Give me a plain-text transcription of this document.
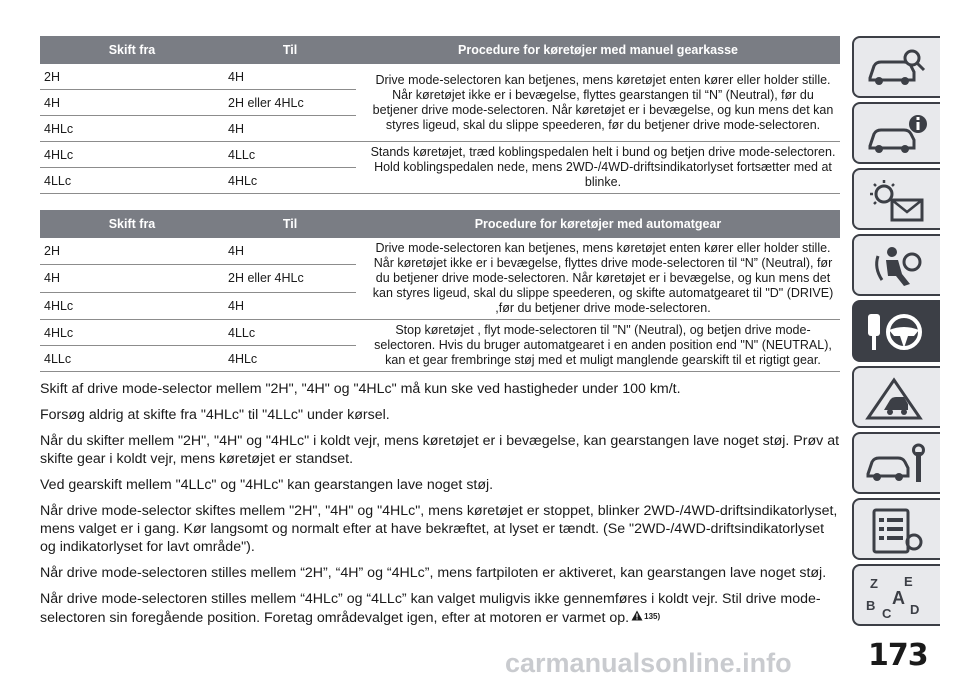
Skift fra	Til	Procedure for køretøjer med manuel gearkasse
2H	4H	Drive mode-selectoren kan betjenes, mens køretøjet enten kører eller holder stille. Når køretøjet ikke er i bevægelse, flyttes gearstangen til “N” (Neutral), før du betjener drive mode-selectoren. Når køretøjet er i bevægelse, og kun mens det kan styres ligeud, skal du slippe speederen, før du betjener drive mode-selectoren.
4H	2H eller 4HLc	
4HLc	4H	
4HLc	4LLc	Stands køretøjet, træd koblingspedalen helt i bund og betjen drive mode-selectoren. Hold koblingspedalen nede, mens 2WD-/4WD-driftsindikatorlyset fortsætter med at blinke.
4LLc	4HLc	
Skift fra	Til	Procedure for køretøjer med automatgear
2H	4H	Drive mode-selectoren kan betjenes, mens køretøjet enten kører eller holder stille. Når køretøjet ikke er i bevægelse, flyttes drive mode-selectoren til “N” (Neutral), før du betjener drive mode-selectoren. Når køretøjet er i bevægelse, og kun mens det kan styres ligeud, skal du slippe speederen, og skifte automatgearet til "D" (DRIVE) ,før du betjener drive mode-selectoren.
4H	2H eller 4HLc	
4HLc	4H	
4HLc	4LLc	Stop køretøjet , flyt mode-selectoren til "N" (Neutral), og betjen drive mode-selectoren. Hvis du bruger automatgearet i en anden position end "N" (NEUTRAL), kan et gear frembringe støj med et muligt manglende gearskift til et rigtigt gear.
4LLc	4HLc	

Skift af drive mode-selector mellem "2H", "4H" og "4HLc" må kun ske ved hastigheder under 100 km/t.

Forsøg aldrig at skifte fra "4HLc" til "4LLc" under kørsel.

Når du skifter mellem "2H", "4H" og "4HLc" i koldt vejr, mens køretøjet er i bevægelse, kan gearstangen lave noget støj. Prøv at skifte gear i koldt vejr, mens køretøjet er standset.

Ved gearskift mellem "4LLc" og "4HLc" kan gearstangen lave noget støj.

Når drive mode-selector skiftes mellem "2H", "4H" og "4HLc", mens køretøjet er stoppet, blinker 2WD-/4WD-driftsindikatorlyset, mens valget er i gang. Kør langsomt og normalt efter at have bekræftet, at lyset er tændt. (Se "2WD-/4WD-driftsindikatorlyset og indikatorlyset for lavt område").

Når drive mode-selectoren stilles mellem “2H”, “4H” og “4HLc”, mens fartpiloten er aktiveret, kan gearstangen lave noget støj.

Når drive mode-selectoren stilles mellem “4HLc” og “4LLc” kan valget muligvis ikke gennemføres i koldt vejr. Stil drive mode-selectoren sin foregående position. Foretag områdevalget igen, efter at motoren er varmet op. $^{135)}$

Z E
A
B
C D
carmanualsonline.info	173
